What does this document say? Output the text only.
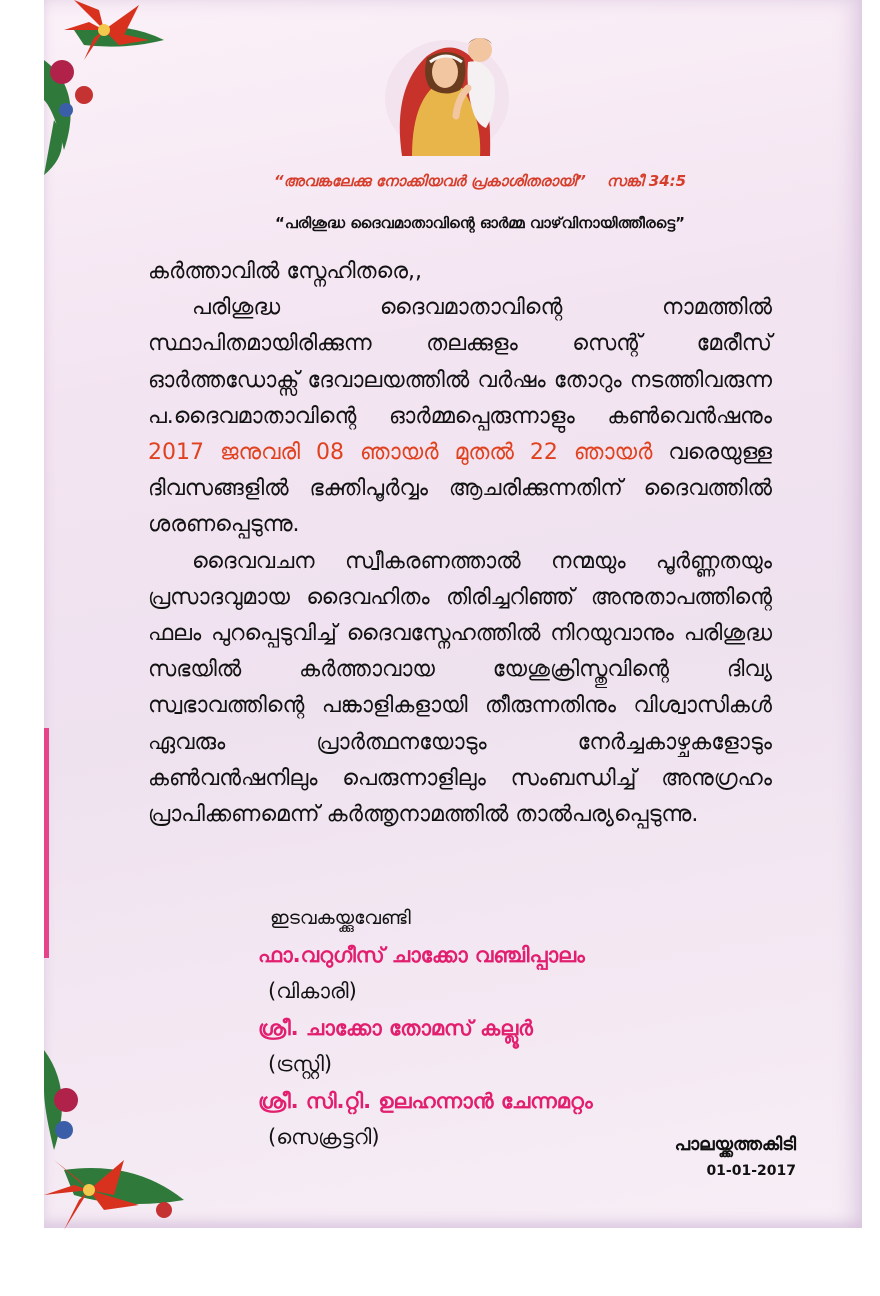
“അവങ്കലേക്കു നോക്കിയവർ പ്രകാശിതരായി” സങ്കീ 34:5
“പരിശുദ്ധ ദൈവമാതാവിന്റെ ഓർമ്മ വാഴ്‌വിനായിത്തീരട്ടെ”

കർത്താവിൽ സ്നേഹിതരെ,,

പരിശുദ്ധ ദൈവമാതാവിന്റെ നാമത്തിൽ സ്ഥാപിതമായിരിക്കുന്ന തലക്കുളം സെന്റ് മേരീസ് ഓർത്തഡോക്സ് ദേവാലയത്തിൽ വർഷം തോറും നടത്തിവരുന്ന പ.ദൈവമാതാവിന്റെ ഓർമ്മപ്പെരുന്നാളും കൺവെൻഷനും 2017 ജനുവരി 08 ഞായർ മുതൽ 22 ഞായർ വരെയുള്ള ദിവസങ്ങളിൽ ഭക്തിപൂർവ്വം ആചരിക്കുന്നതിന് ദൈവത്തിൽ ശരണപ്പെടുന്നു.

ദൈവവചന സ്വീകരണത്താൽ നന്മയും പൂർണ്ണതയും പ്രസാദവുമായ ദൈവഹിതം തിരിച്ചറിഞ്ഞ് അനുതാപത്തിന്റെ ഫലം പുറപ്പെടുവിച്ച് ദൈവസ്നേഹത്തിൽ നിറയുവാനും പരിശുദ്ധ സഭയിൽ കർത്താവായ യേശുക്രിസ്തുവിന്റെ ദിവ്യ സ്വഭാവത്തിന്റെ പങ്കാളികളായി തീരുന്നതിനും വിശ്വാസികൾ ഏവരും പ്രാർത്ഥനയോടും നേർച്ചകാഴ്ചകളോടും കൺവൻഷനിലും പെരുന്നാളിലും സംബന്ധിച്ച് അനുഗ്രഹം പ്രാപിക്കണമെന്ന് കർത്തൃനാമത്തിൽ താൽപര്യപ്പെടുന്നു.

ഇടവകയ്ക്കുവേണ്ടി
ഫാ.വറുഗീസ് ചാക്കോ വഞ്ചിപ്പാലം
(വികാരി)
ശ്രീ. ചാക്കോ തോമസ് കല്ലൂർ
(ട്രസ്റ്റി)
ശ്രീ. സി.റ്റി. ഉലഹന്നാൻ ചേന്നമറ്റം
(സെക്രട്ടറി)	പാലയ്ക്കത്തകിടി
01-01-2017
